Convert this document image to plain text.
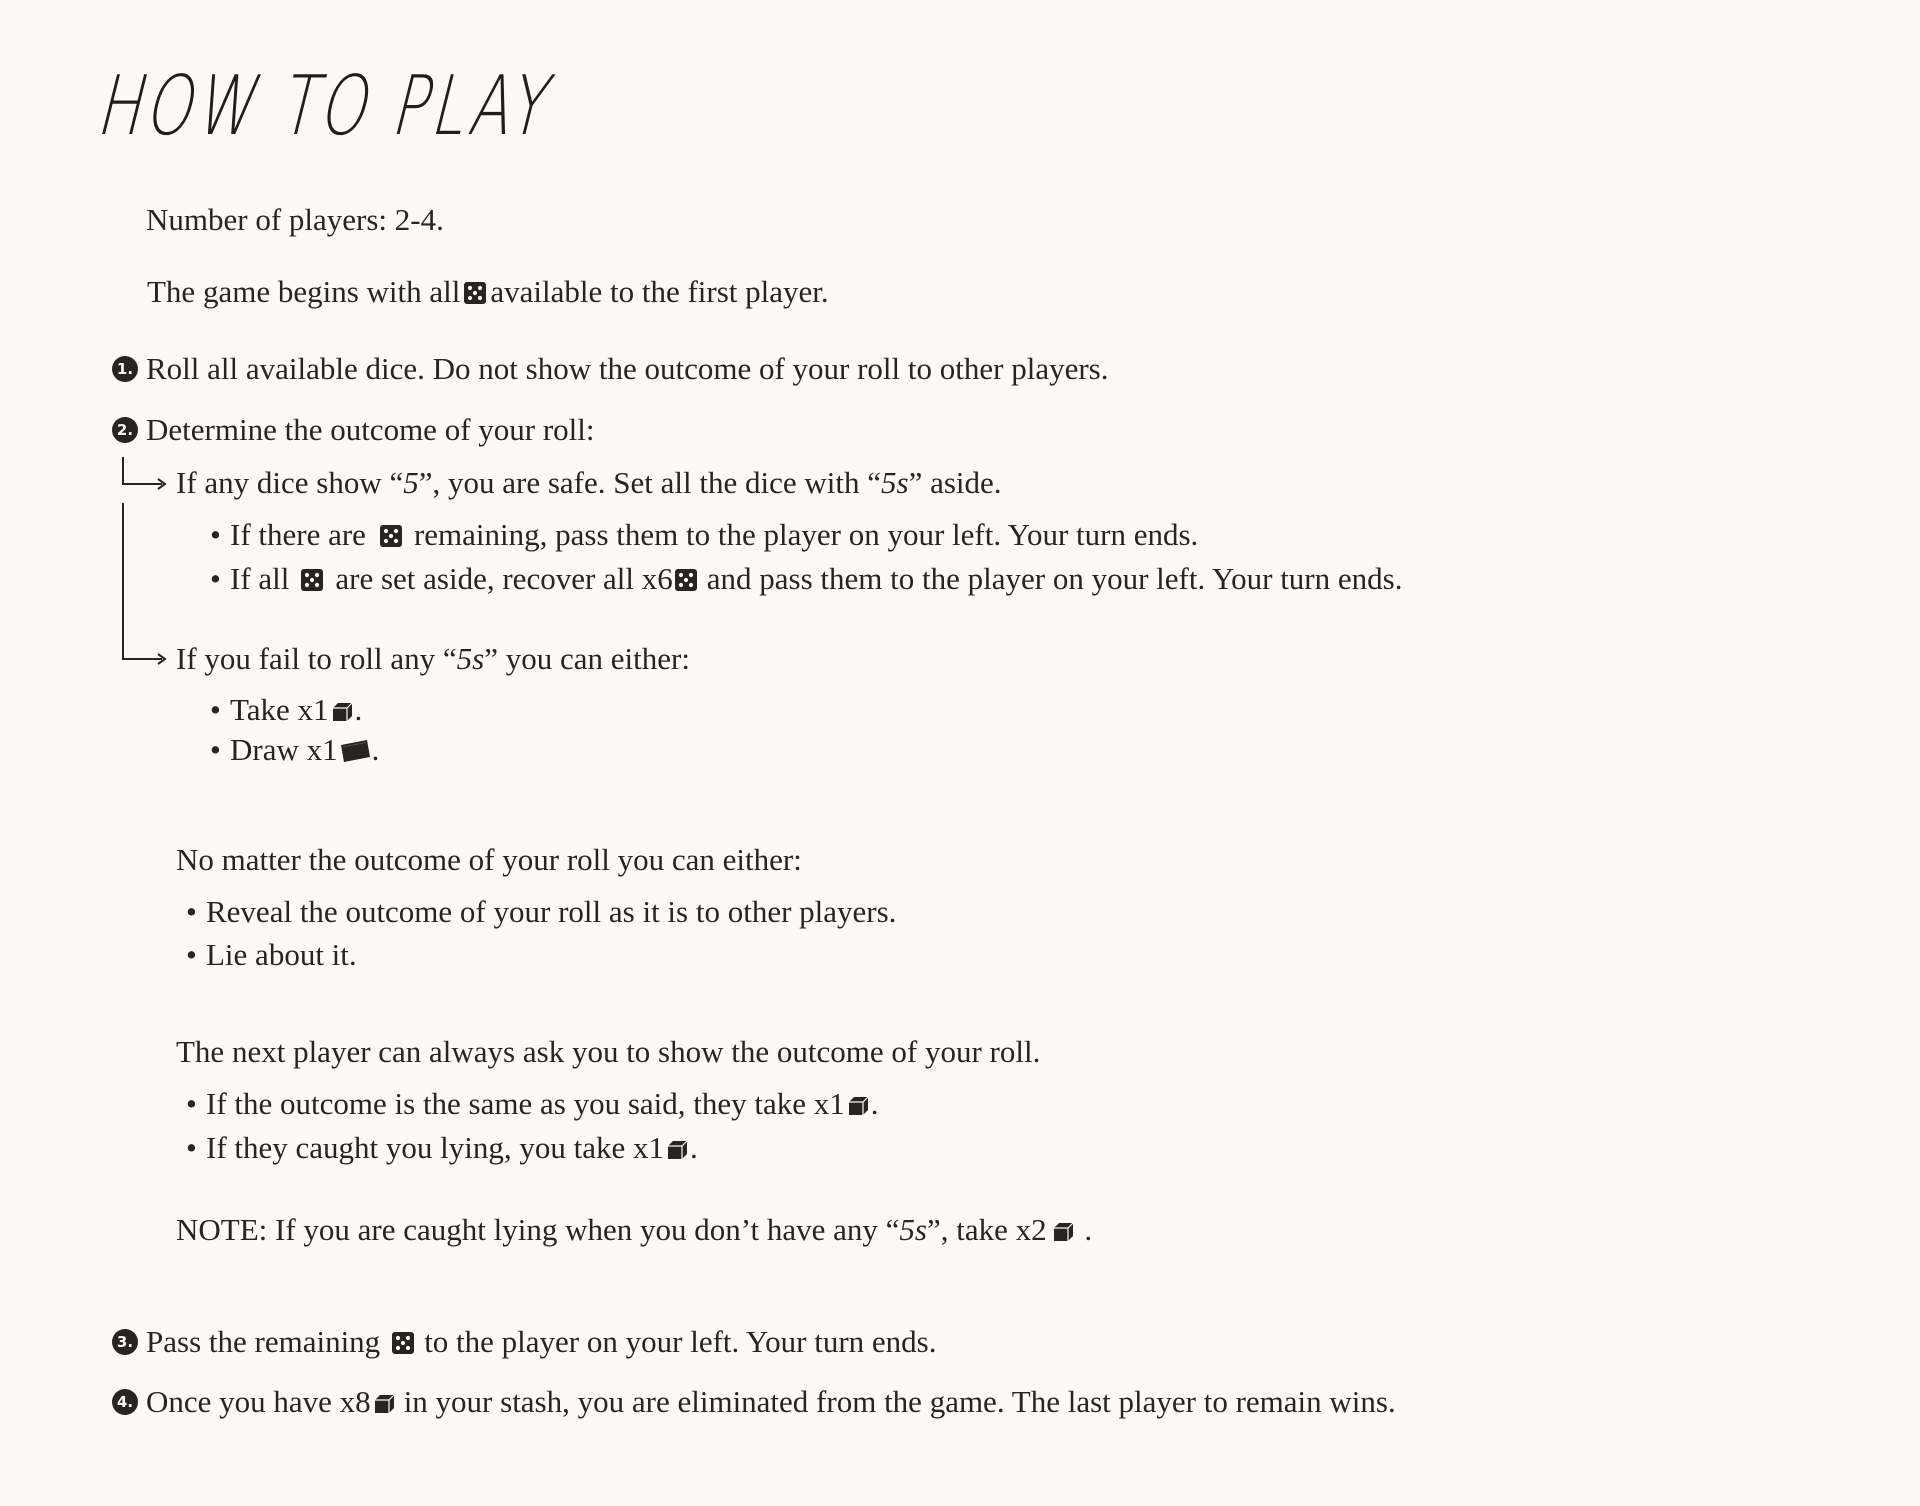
HOW TO PLAY
Number of players: 2-4.
The game begins with all available to the first player.
1. Roll all available dice. Do not show the outcome of your roll to other players.
2. Determine the outcome of your roll:
If any dice show “5”, you are safe. Set all the dice with “5s” aside.
• If there are remaining, pass them to the player on your left. Your turn ends.
• If all are set aside, recover all x6 and pass them to the player on your left. Your turn ends.
If you fail to roll any “5s” you can either:
• Take x1 .
• Draw x1 .
No matter the outcome of your roll you can either:
• Reveal the outcome of your roll as it is to other players.
• Lie about it.
The next player can always ask you to show the outcome of your roll.
• If the outcome is the same as you said, they take x1 .
• If they caught you lying, you take x1 .
NOTE: If you are caught lying when you don’t have any “5s”, take x2 .
3. Pass the remaining to the player on your left. Your turn ends.
4. Once you have x8 in your stash, you are eliminated from the game. The last player to remain wins.
